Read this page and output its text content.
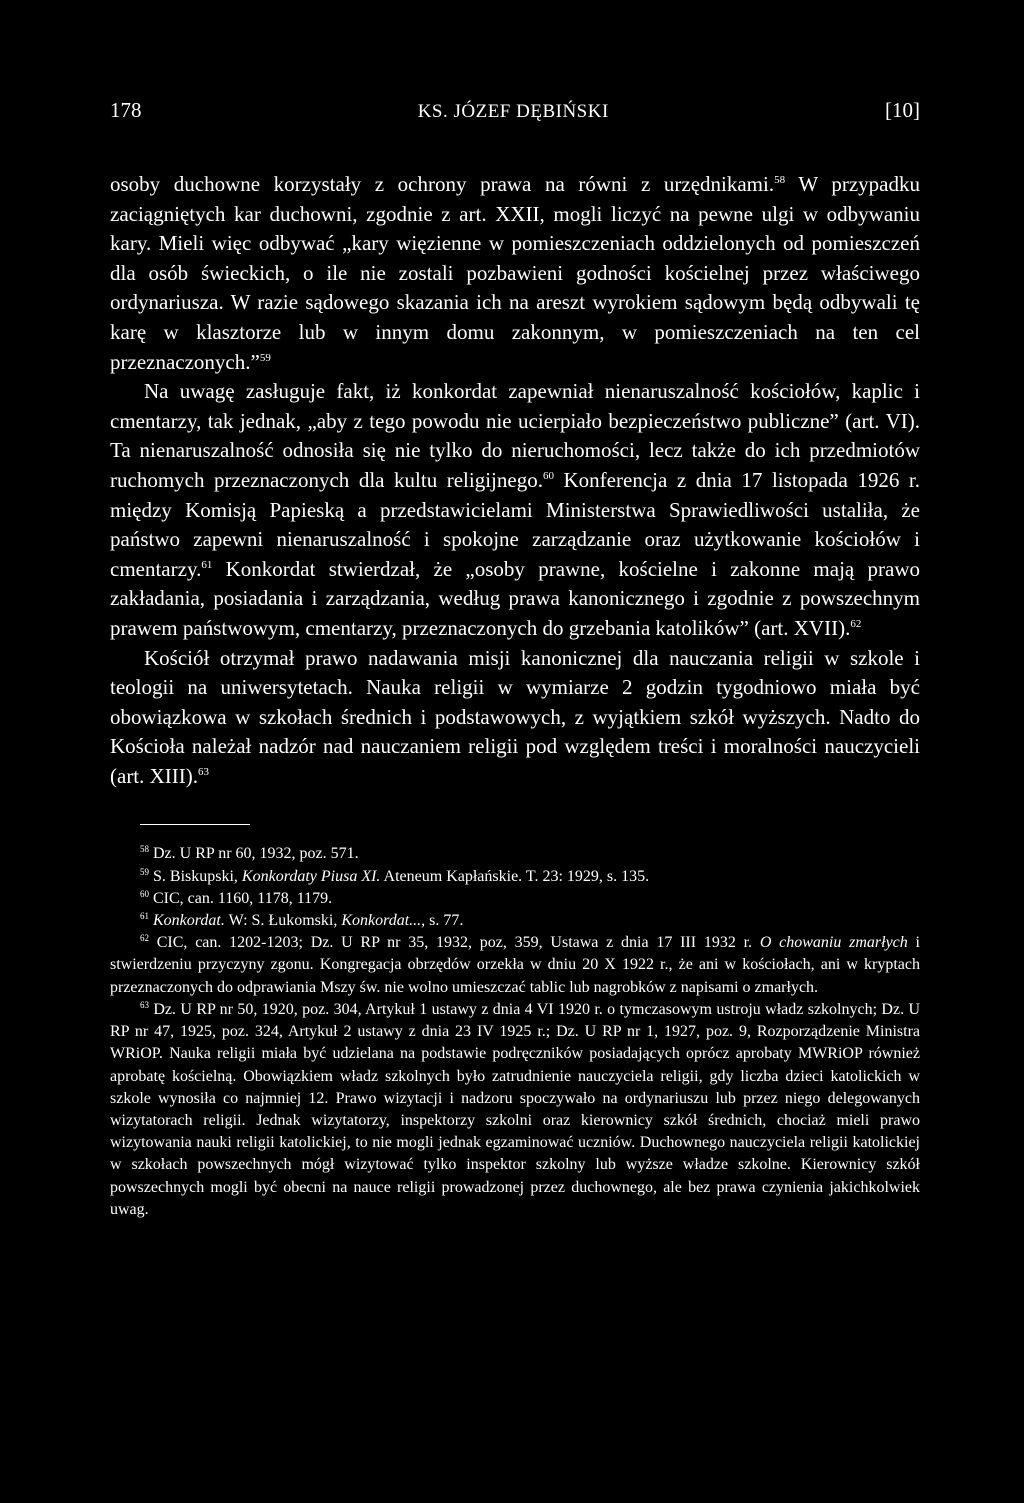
178	KS. JÓZEF DĘBIŃSKI	[10]

osoby duchowne korzystały z ochrony prawa na równi z urzędnikami.$^{58}$ W przypadku zaciągniętych kar duchowni, zgodnie z art. XXII, mogli liczyć na pewne ulgi w odbywaniu kary. Mieli więc odbywać „kary więzienne w pomieszczeniach oddzielonych od pomieszczeń dla osób świeckich, o ile nie zostali pozbawieni godności kościelnej przez właściwego ordynariusza. W razie sądowego skazania ich na areszt wyrokiem sądowym będą odbywali tę karę w klasztorze lub w innym domu zakonnym, w pomieszczeniach na ten cel przeznaczonych.”$^{59}$

Na uwagę zasługuje fakt, iż konkordat zapewniał nienaruszalność kościołów, kaplic i cmentarzy, tak jednak, „aby z tego powodu nie ucierpiało bezpieczeństwo publiczne” (art. VI). Ta nienaruszalność odnosiła się nie tylko do nieruchomości, lecz także do ich przedmiotów ruchomych przeznaczonych dla kultu religijnego.$^{60}$ Konferencja z dnia 17 listopada 1926 r. między Komisją Papieską a przedstawicielami Ministerstwa Sprawiedliwości ustaliła, że państwo zapewni nienaruszalność i spokojne zarządzanie oraz użytkowanie kościołów i cmentarzy.$^{61}$ Konkordat stwierdzał, że „osoby prawne, kościelne i zakonne mają prawo zakładania, posiadania i zarządzania, według prawa kanonicznego i zgodnie z powszechnym prawem państwowym, cmentarzy, przeznaczonych do grzebania katolików” (art. XVII).$^{62}$

Kościół otrzymał prawo nadawania misji kanonicznej dla nauczania religii w szkole i teologii na uniwersytetach. Nauka religii w wymiarze 2 godzin tygodniowo miała być obowiązkowa w szkołach średnich i podstawowych, z wyjątkiem szkół wyższych. Nadto do Kościoła należał nadzór nad nauczaniem religii pod względem treści i moralności nauczycieli (art. XIII).$^{63}$

$^{58}$ Dz. U RP nr 60, 1932, poz. 571.

$^{59}$ S. Biskupski, Konkordaty Piusa XI. Ateneum Kapłańskie. T. 23: 1929, s. 135.

$^{60}$ CIC, can. 1160, 1178, 1179.

$^{61}$ Konkordat. W: S. Łukomski, Konkordat..., s. 77.

$^{62}$ CIC, can. 1202-1203; Dz. U RP nr 35, 1932, poz, 359, Ustawa z dnia 17 III 1932 r. O chowaniu zmarłych i stwierdzeniu przyczyny zgonu. Kongregacja obrzędów orzekła w dniu 20 X 1922 r., że ani w kościołach, ani w kryptach przeznaczonych do odprawiania Mszy św. nie wolno umieszczać tablic lub nagrobków z napisami o zmarłych.

$^{63}$ Dz. U RP nr 50, 1920, poz. 304, Artykuł 1 ustawy z dnia 4 VI 1920 r. o tymczasowym ustroju władz szkolnych; Dz. U RP nr 47, 1925, poz. 324, Artykuł 2 ustawy z dnia 23 IV 1925 r.; Dz. U RP nr 1, 1927, poz. 9, Rozporządzenie Ministra WRiOP. Nauka religii miała być udzielana na podstawie podręczników posiadających oprócz aprobaty MWRiOP również aprobatę kościelną. Obowiązkiem władz szkolnych było zatrudnienie nauczyciela religii, gdy liczba dzieci katolickich w szkole wynosiła co najmniej 12. Prawo wizytacji i nadzoru spoczywało na ordynariuszu lub przez niego delegowanych wizytatorach religii. Jednak wizytatorzy, inspektorzy szkolni oraz kierownicy szkół średnich, chociaż mieli prawo wizytowania nauki religii katolickiej, to nie mogli jednak egzaminować uczniów. Duchownego nauczyciela religii katolickiej w szkołach powszechnych mógł wizytować tylko inspektor szkolny lub wyższe władze szkolne. Kierownicy szkół powszechnych mogli być obecni na nauce religii prowadzonej przez duchownego, ale bez prawa czynienia jakichkolwiek uwag.
